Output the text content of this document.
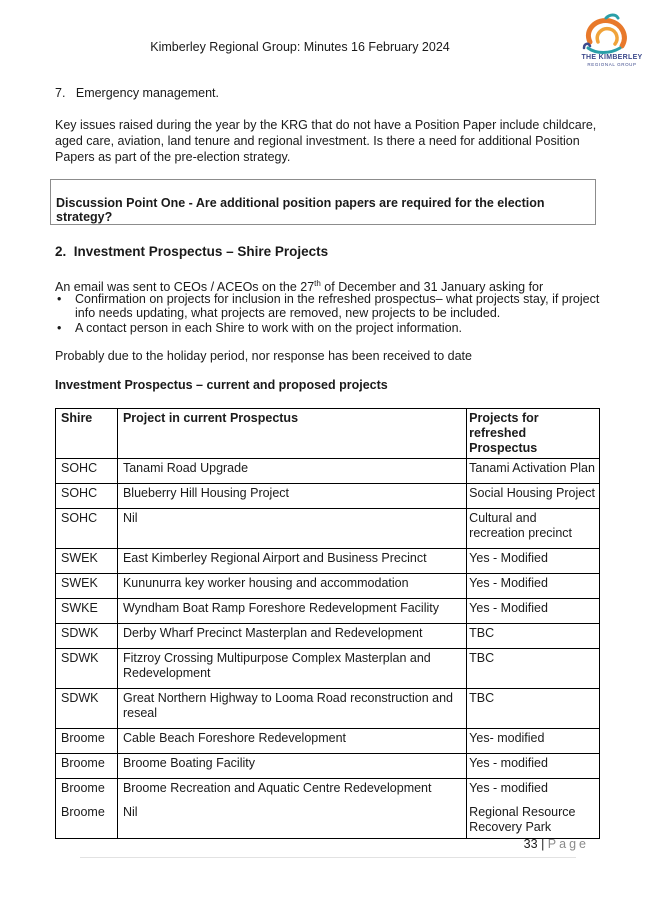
Kimberley Regional Group: Minutes 16 February 2024
THE KIMBERLEY
REGIONAL GROUP
7. Emergency management.
Key issues raised during the year by the KRG that do not have a Position Paper include childcare, aged care, aviation, land tenure and regional investment. Is there a need for additional Position Papers as part of the pre-election strategy.
Discussion Point One - Are additional position papers are required for the election strategy?
2. Investment Prospectus – Shire Projects
An email was sent to CEOs / ACEOs on the 27th of December and 31 January asking for
• Confirmation on projects for inclusion in the refreshed prospectus– what projects stay, if project info needs updating, what projects are removed, new projects to be included.
• A contact person in each Shire to work with on the project information.
Probably due to the holiday period, nor response has been received to date
Investment Prospectus – current and proposed projects
Shire	Project in current Prospectus	Projects for refreshed Prospectus
SOHC	Tanami Road Upgrade	Tanami Activation Plan
SOHC	Blueberry Hill Housing Project	Social Housing Project
SOHC	Nil	Cultural and recreation precinct
SWEK	East Kimberley Regional Airport and Business Precinct	Yes - Modified
SWEK	Kununurra key worker housing and accommodation	Yes - Modified
SWKE	Wyndham Boat Ramp Foreshore Redevelopment Facility	Yes - Modified
SDWK	Derby Wharf Precinct Masterplan and Redevelopment	TBC
SDWK	Fitzroy Crossing Multipurpose Complex Masterplan and Redevelopment	TBC
SDWK	Great Northern Highway to Looma Road reconstruction and reseal	TBC
Broome	Cable Beach Foreshore Redevelopment	Yes- modified
Broome	Broome Boating Facility	Yes - modified
Broome	Broome Recreation and Aquatic Centre Redevelopment	Yes - modified
Broome	Nil	Regional Resource Recovery Park
33 | Page
